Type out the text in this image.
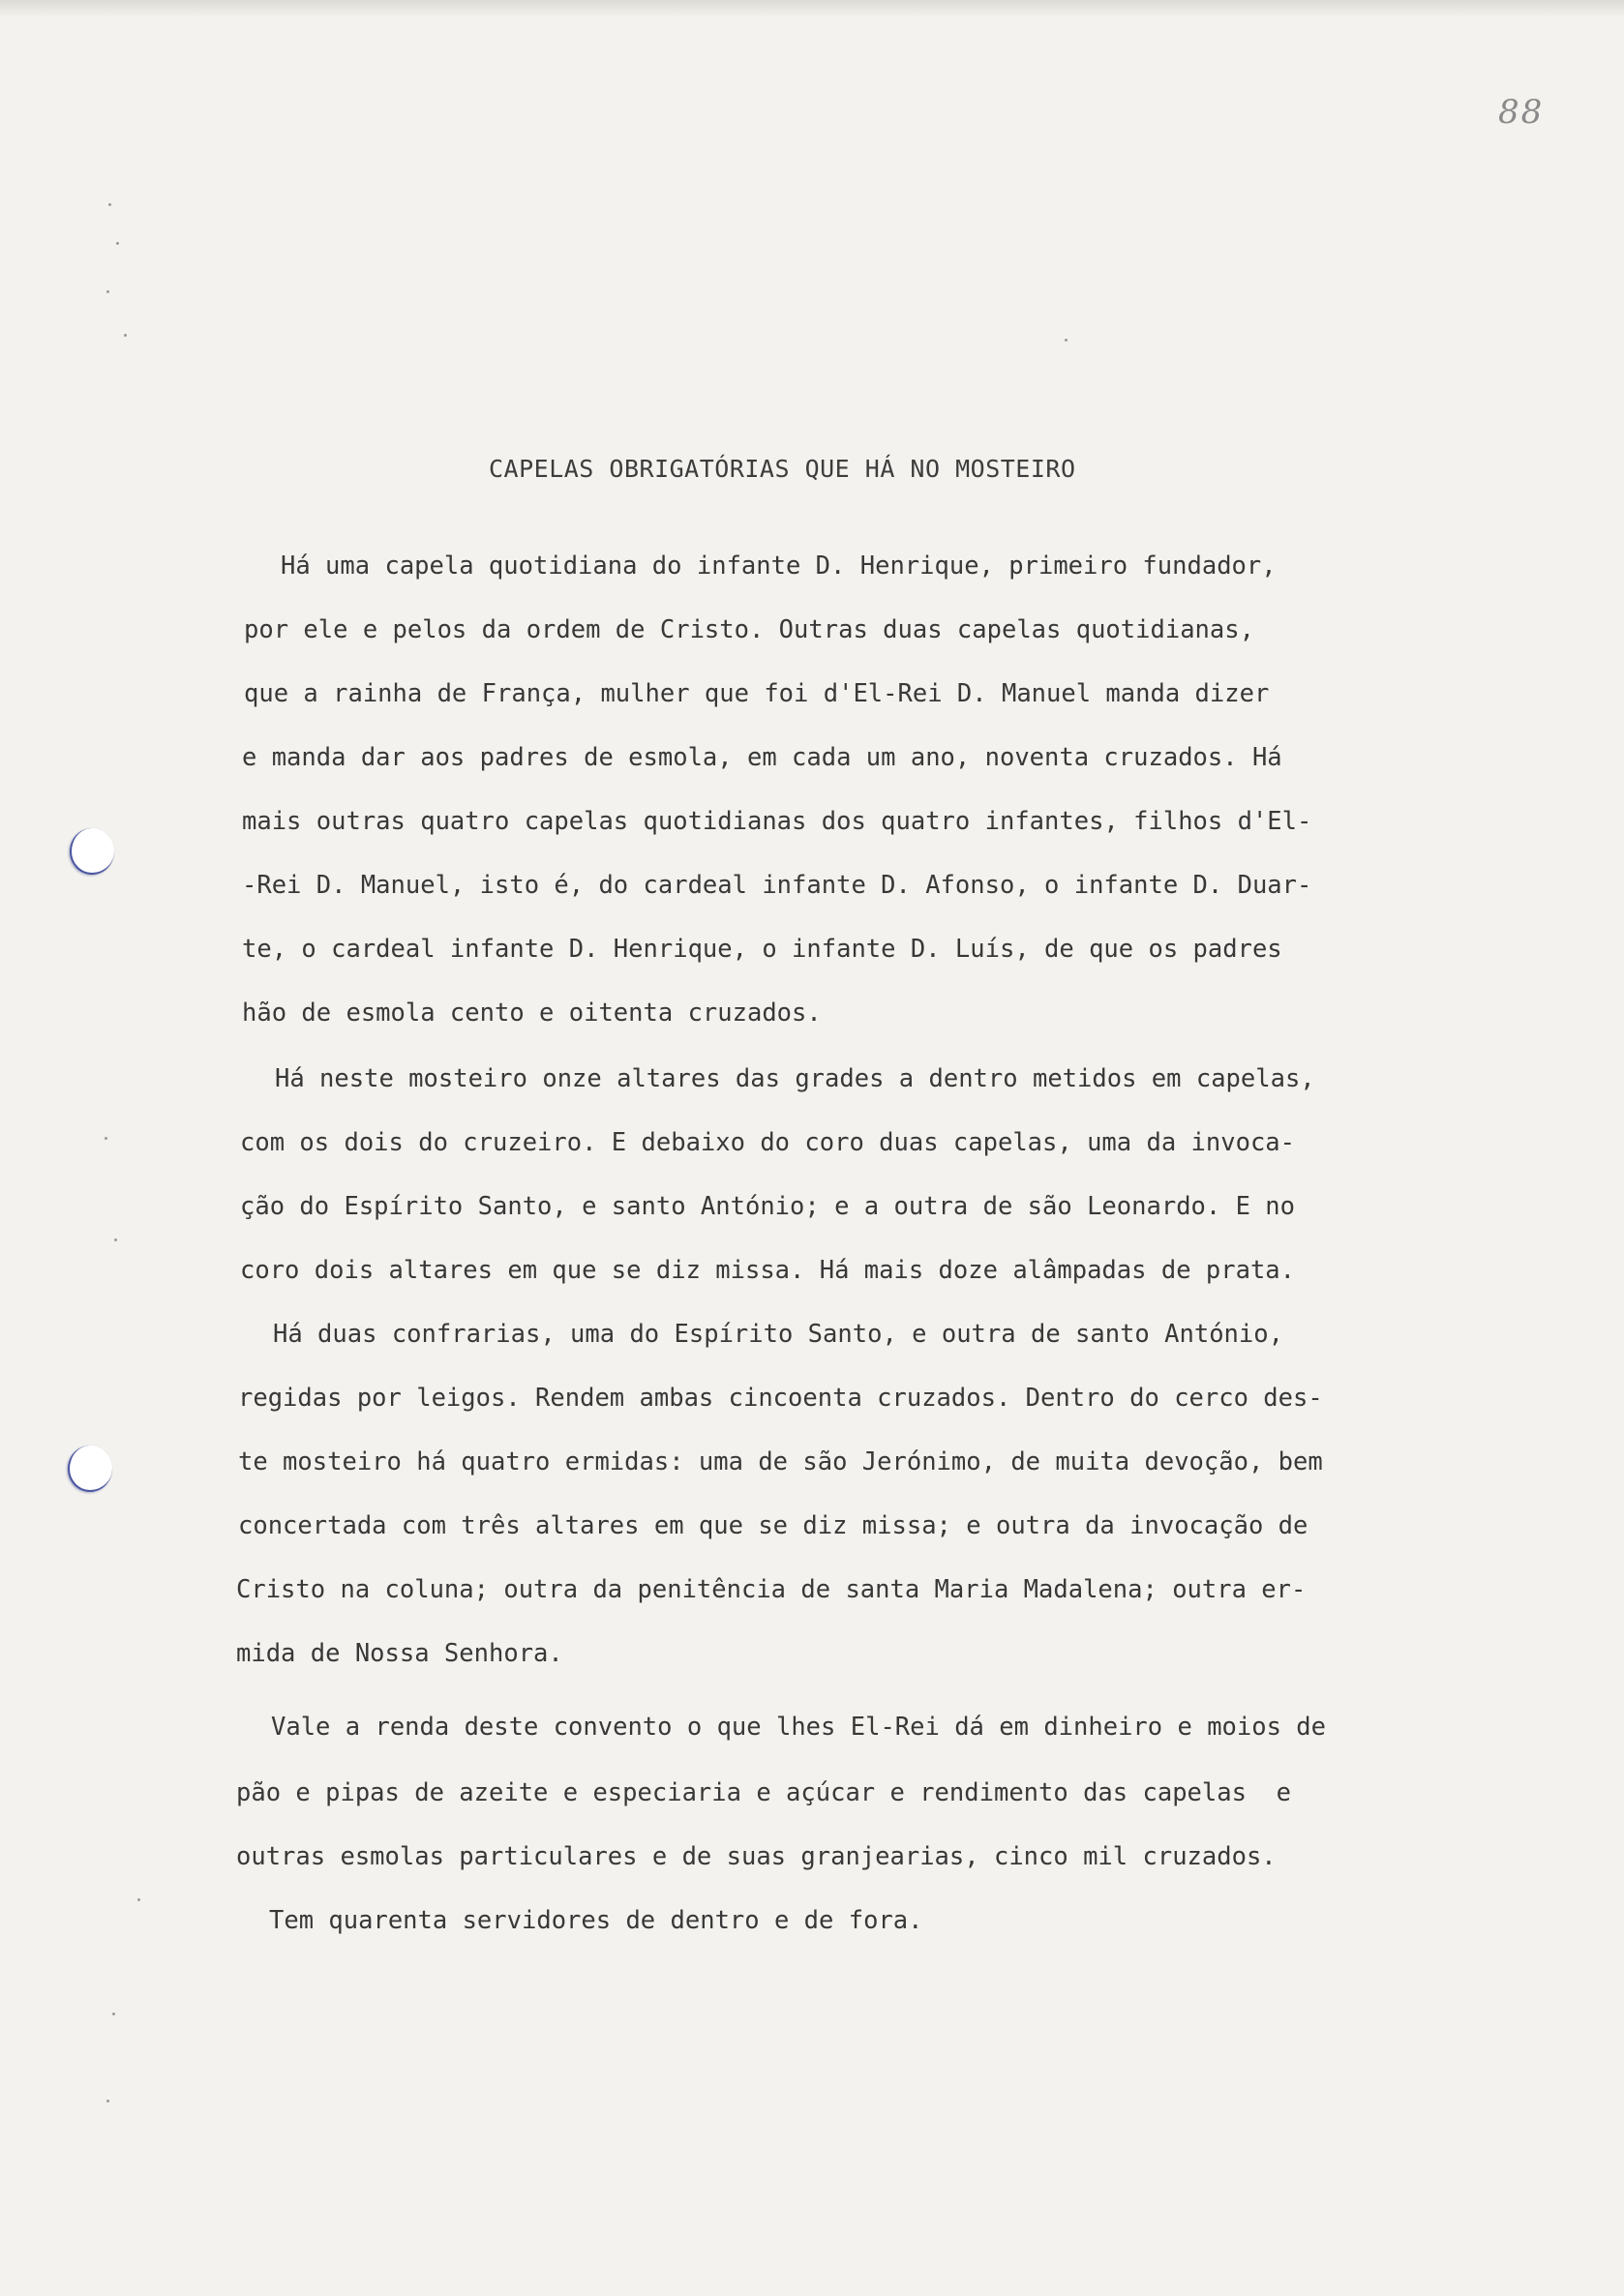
88
CAPELAS OBRIGATÓRIAS QUE HÁ NO MOSTEIRO
Há uma capela quotidiana do infante D. Henrique, primeiro fundador,
por ele e pelos da ordem de Cristo. Outras duas capelas quotidianas,
que a rainha de França, mulher que foi d'El-Rei D. Manuel manda dizer
e manda dar aos padres de esmola, em cada um ano, noventa cruzados. Há
mais outras quatro capelas quotidianas dos quatro infantes, filhos d'El-
-Rei D. Manuel, isto é, do cardeal infante D. Afonso, o infante D. Duar-
te, o cardeal infante D. Henrique, o infante D. Luís, de que os padres
hão de esmola cento e oitenta cruzados.
Há neste mosteiro onze altares das grades a dentro metidos em capelas,
com os dois do cruzeiro. E debaixo do coro duas capelas, uma da invoca-
ção do Espírito Santo, e santo António; e a outra de são Leonardo. E no
coro dois altares em que se diz missa. Há mais doze alâmpadas de prata.
Há duas confrarias, uma do Espírito Santo, e outra de santo António,
regidas por leigos. Rendem ambas cincoenta cruzados. Dentro do cerco des-
te mosteiro há quatro ermidas: uma de são Jerónimo, de muita devoção, bem
concertada com três altares em que se diz missa; e outra da invocação de
Cristo na coluna; outra da penitência de santa Maria Madalena; outra er-
mida de Nossa Senhora.
Vale a renda deste convento o que lhes El-Rei dá em dinheiro e moios de
pão e pipas de azeite e especiaria e açúcar e rendimento das capelas  e
outras esmolas particulares e de suas granjearias, cinco mil cruzados.
Tem quarenta servidores de dentro e de fora.
